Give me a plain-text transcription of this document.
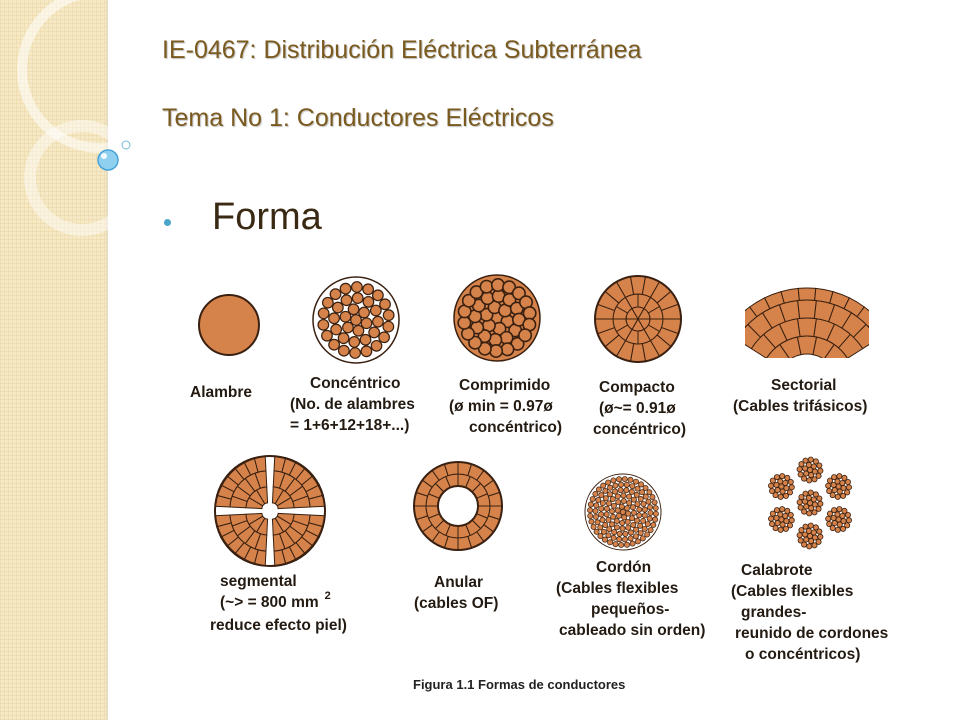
IE-0467: Distribución Eléctrica Subterránea
Tema No 1: Conductores Eléctricos
Forma
Alambre
Concéntrico
(No. de alambres
= 1+6+12+18+...)
Comprimido
(ø min = 0.97ø
concéntrico)
Compacto
(ø~= 0.91ø
concéntrico)
Sectorial
(Cables trifásicos)
segmental
(~> = 800 mm $^2$
reduce efecto piel)
Anular
(cables OF)
Cordón
(Cables flexibles
pequeños-
cableado sin orden)
Calabrote
(Cables flexibles
grandes-
reunido de cordones
o concéntricos)
Figura 1.1 Formas de conductores
